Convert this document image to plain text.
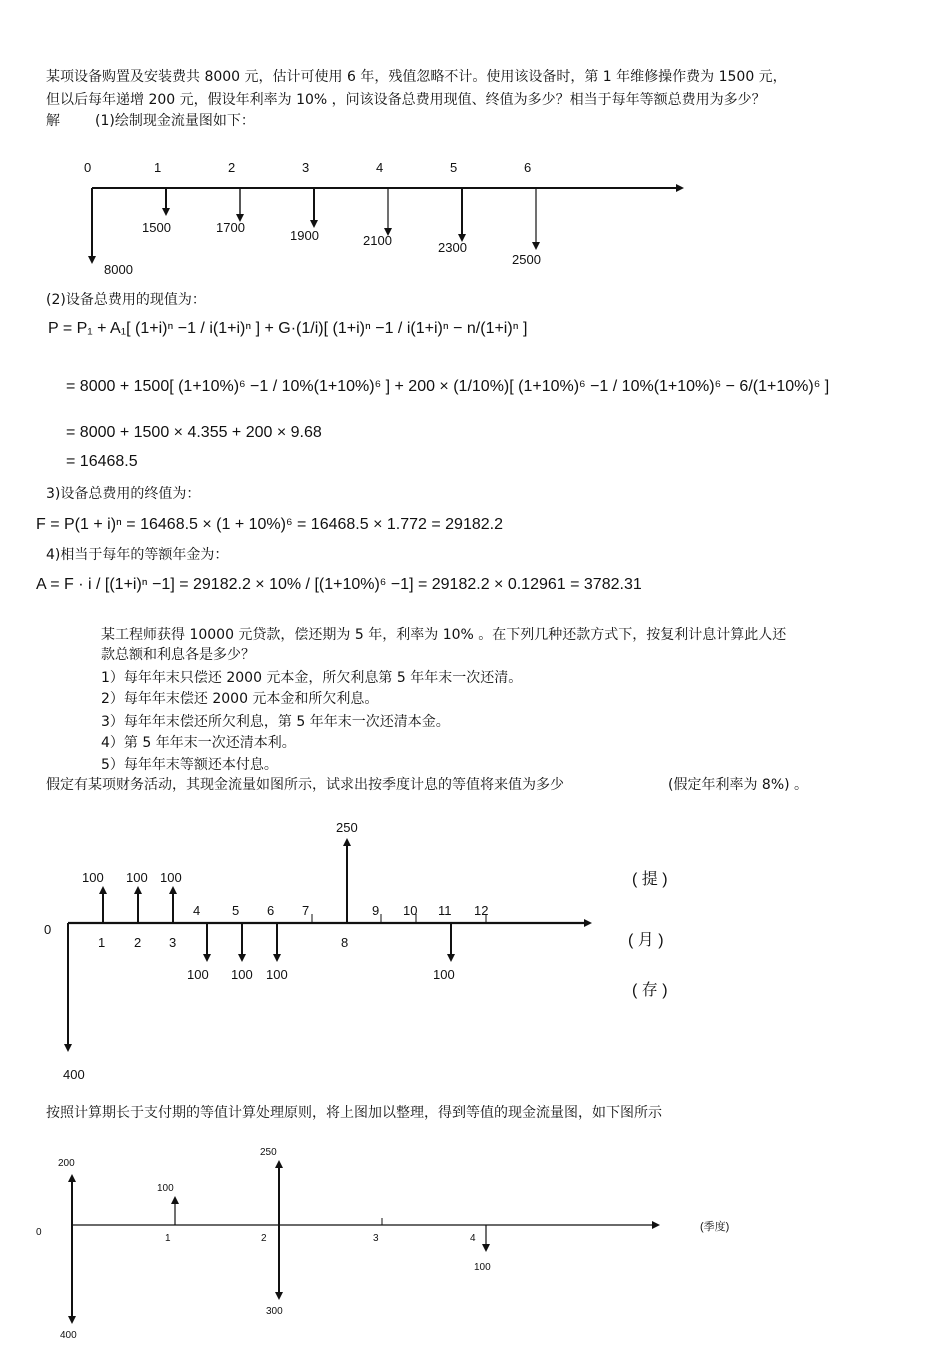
某项设备购置及安装费共 8000 元，估计可使用 6 年，残值忽略不计。使用该设备时，第 1 年维修操作费为 1500 元，
但以后每年递增 200 元，假设年利率为 10% ，问该设备总费用现值、终值为多少？相当于每年等额总费用为多少？
解	(1)绘制现金流量图如下：
0	1	2	3	4	5	6
8000
1500	1700
1900	2100	2300
2500
(2)设备总费用的现值为：
P = P₁ + A₁[ (1+i)ⁿ −1 / i(1+i)ⁿ ] + G·(1/i)[ (1+i)ⁿ −1 / i(1+i)ⁿ − n/(1+i)ⁿ ]
= 8000 + 1500[ (1+10%)⁶ −1 / 10%(1+10%)⁶ ] + 200 × (1/10%)[ (1+10%)⁶ −1 / 10%(1+10%)⁶ − 6/(1+10%)⁶ ]
= 8000 + 1500 × 4.355 + 200 × 9.68
= 16468.5
3)设备总费用的终值为：
F = P(1 + i)ⁿ = 16468.5 × (1 + 10%)⁶ = 16468.5 × 1.772 = 29182.2
4)相当于每年的等额年金为：
A = F · i / [(1+i)ⁿ −1] = 29182.2 × 10% / [(1+10%)⁶ −1] = 29182.2 × 0.12961 = 3782.31
某工程师获得 10000 元贷款，偿还期为 5 年，利率为 10% 。在下列几种还款方式下，按复利计息计算此人还
款总额和利息各是多少？
1）每年年末只偿还 2000 元本金，所欠利息第 5 年年末一次还清。
2）每年年末偿还 2000 元本金和所欠利息。
3）每年年末偿还所欠利息，第 5 年年末一次还清本金。
4）第 5 年年末一次还清本利。
5）每年年末等额还本付息。
假定有某项财务活动，其现金流量如图所示，试求出按季度计息的等值将来值为多少	(假定年利率为 8%) 。
0
1 2 3
4 5 6 7
8
9 10 11 12
100 100 100
250
400
100 100 100	100
( 提 )
( 月 )
( 存 )
按照计算期长于支付期的等值计算处理原则，将上图加以整理，得到等值的现金流量图，如下图所示
0
1	2	3	4
200
100
250
400
300
100
(季度)
